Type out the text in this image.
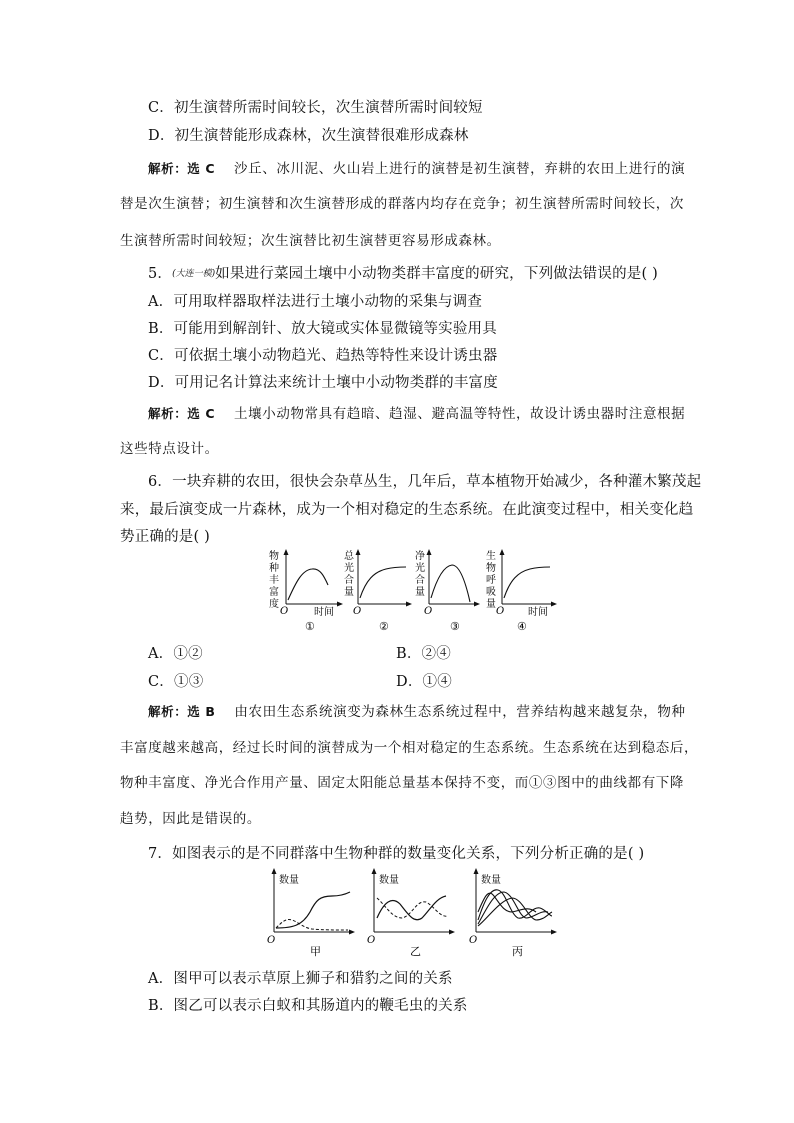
C．初生演替所需时间较长，次生演替所需时间较短
D．初生演替能形成森林，次生演替很难形成森林
解析：选 C 沙丘、冰川泥、火山岩上进行的演替是初生演替，弃耕的农田上进行的演
替是次生演替；初生演替和次生演替形成的群落内均存在竞争；初生演替所需时间较长，次
生演替所需时间较短；次生演替比初生演替更容易形成森林。
5．(大连一模)如果进行菜园土壤中小动物类群丰富度的研究，下列做法错误的是( )
A．可用取样器取样法进行土壤小动物的采集与调查
B．可能用到解剖针、放大镜或实体显微镜等实验用具
C．可依据土壤小动物趋光、趋热等特性来设计诱虫器
D．可用记名计算法来统计土壤中小动物类群的丰富度
解析：选 C 土壤小动物常具有趋暗、趋湿、避高温等特性，故设计诱虫器时注意根据
这些特点设计。
6．一块弃耕的农田，很快会杂草丛生，几年后，草本植物开始减少，各种灌木繁茂起
来，最后演变成一片森林，成为一个相对稳定的生态系统。在此演变过程中，相关变化趋
势正确的是( )
物
种
丰
富
度
O	时间
①
总
光
合
量
O
②
净
光
合
量
O
③
生
物
呼
吸
量
O 时间
④
A．①②	B．②④
C．①③	D．①④
解析：选 B 由农田生态系统演变为森林生态系统过程中，营养结构越来越复杂，物种
丰富度越来越高，经过长时间的演替成为一个相对稳定的生态系统。生态系统在达到稳态后，
物种丰富度、净光合作用产量、固定太阳能总量基本保持不变，而①③图中的曲线都有下降
趋势，因此是错误的。
7．如图表示的是不同群落中生物种群的数量变化关系，下列分析正确的是( )
数量
O
甲
数量
O
乙
数量
O
丙
A．图甲可以表示草原上狮子和猎豹之间的关系
B．图乙可以表示白蚁和其肠道内的鞭毛虫的关系
